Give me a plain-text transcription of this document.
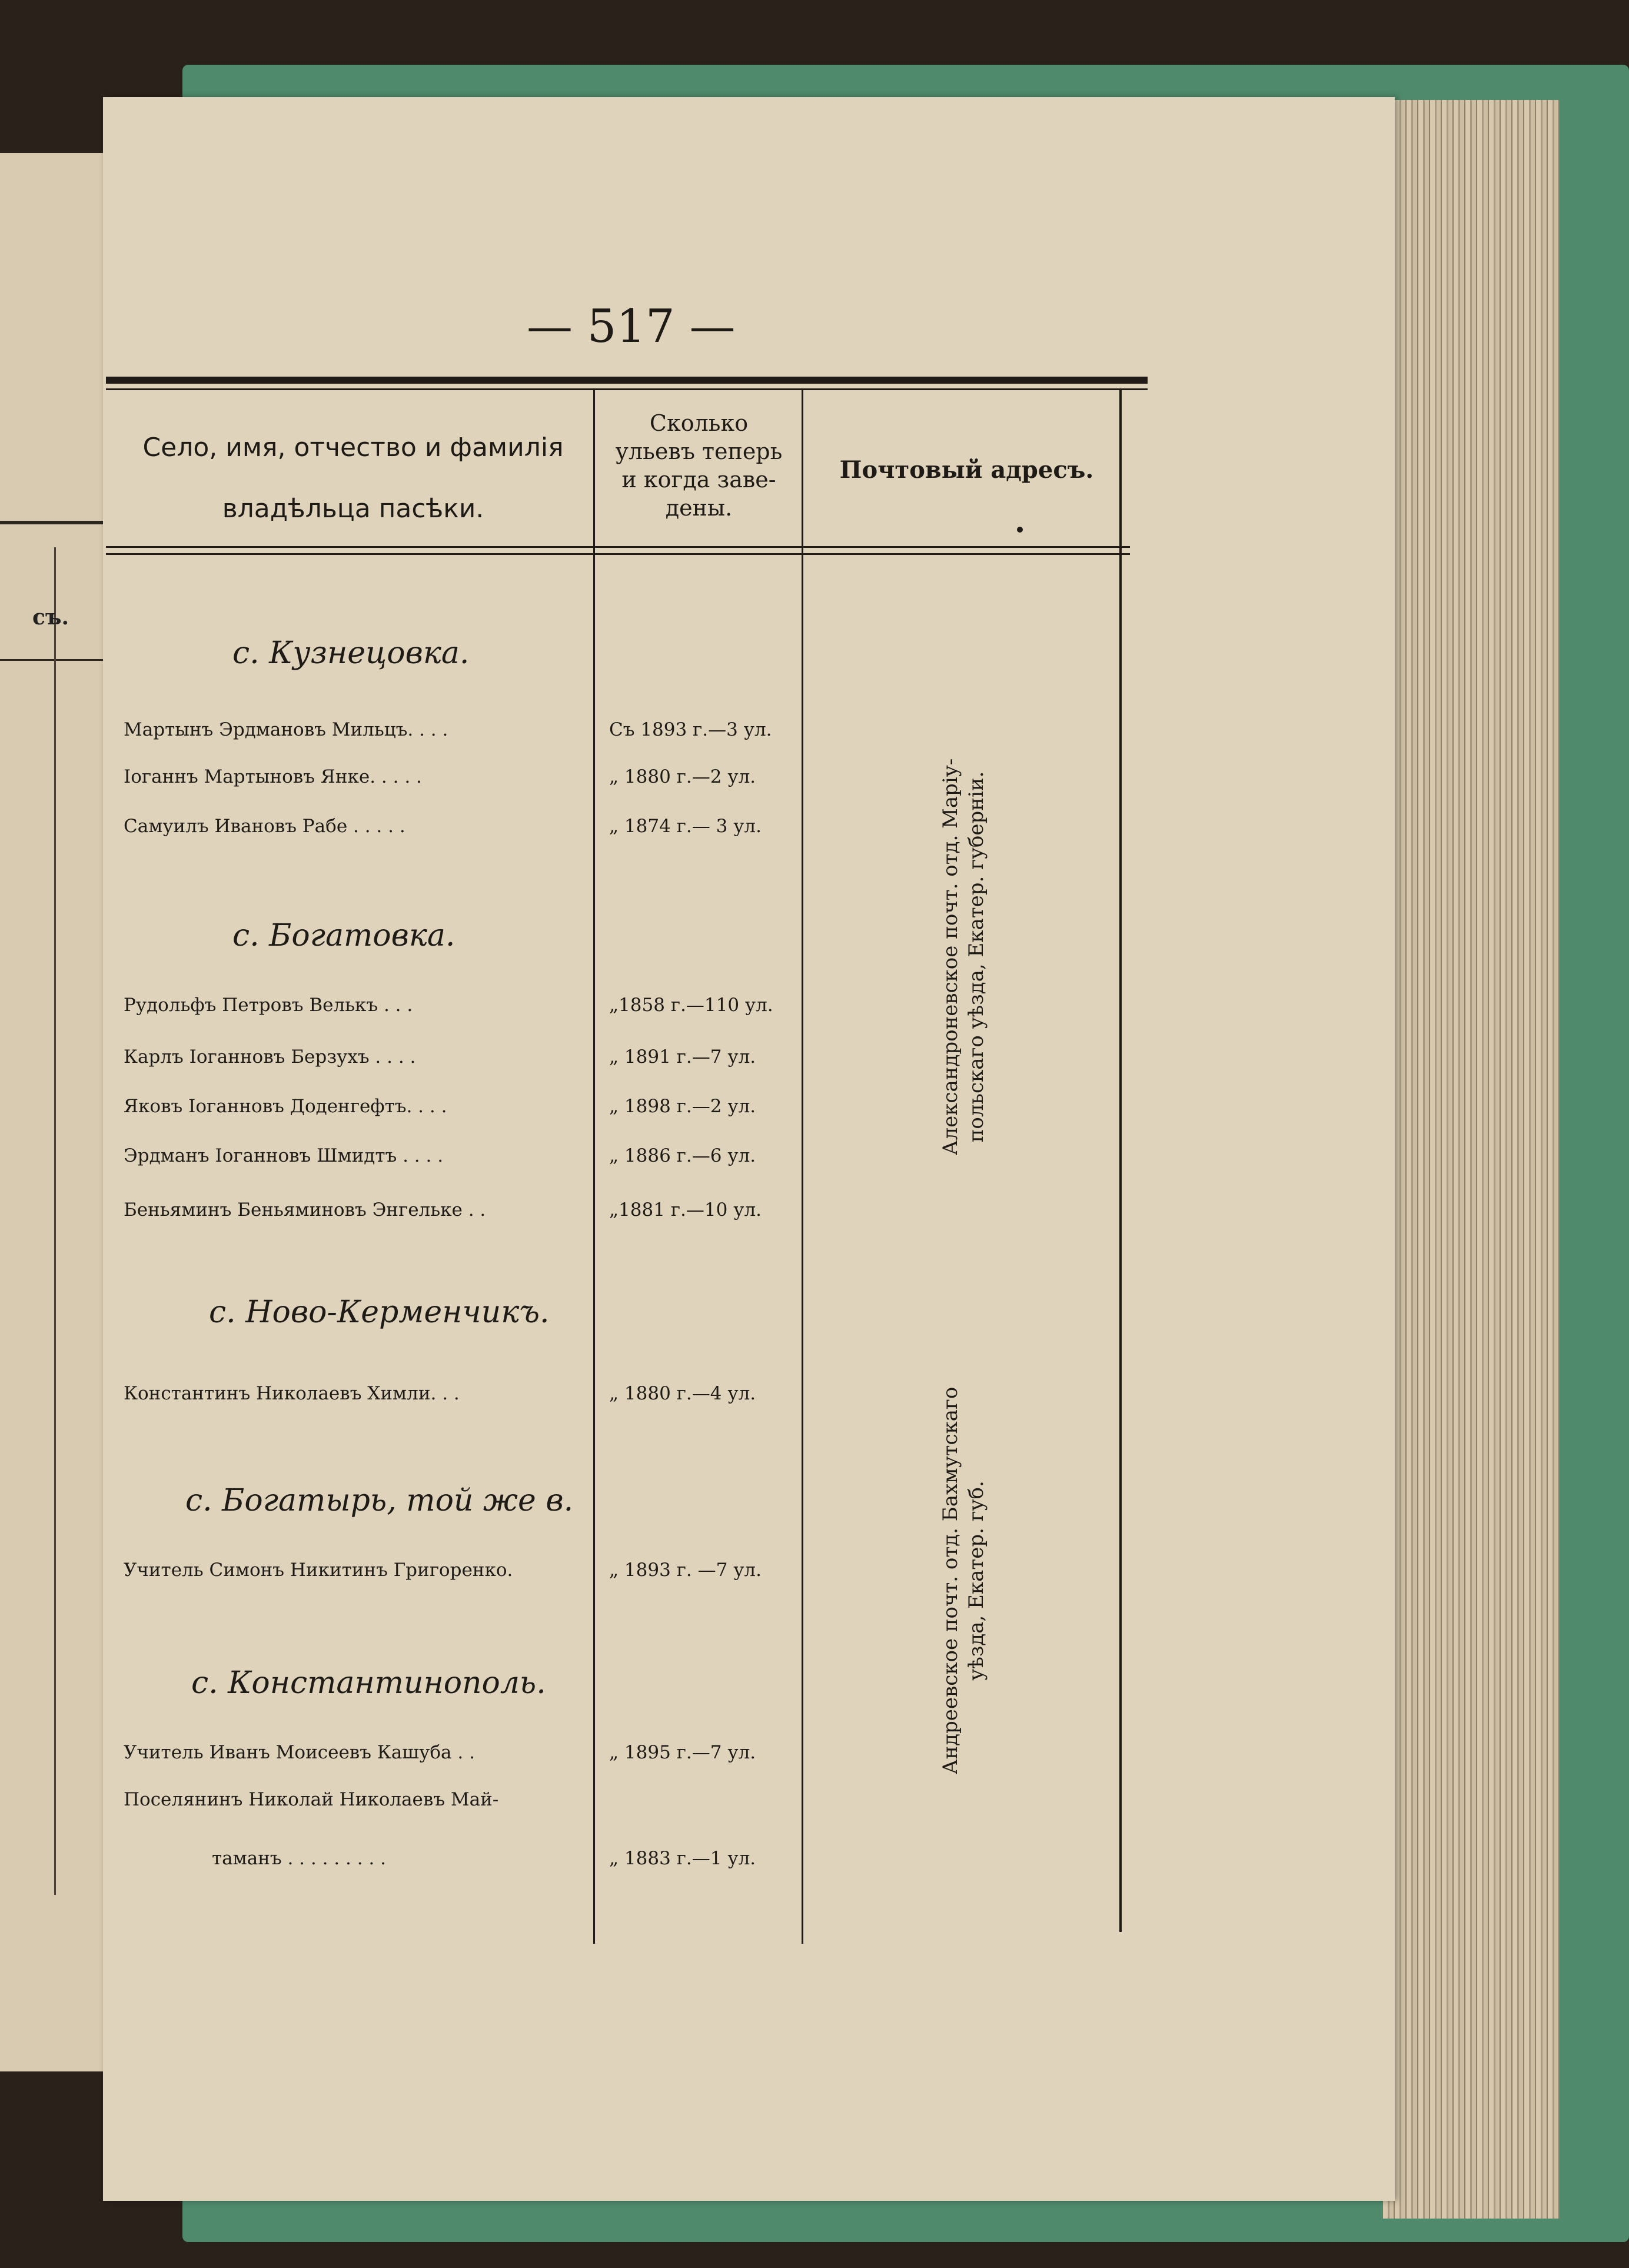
съ.
— 517 —
Село, имя, отчество и фамилія
владѣльца пасѣки.
Сколько
ульевъ теперь
и когда заве-
дены.
Почтовый адресъ.
с. Кузнецовка.
Мартынъ Эрдмановъ Мильцъ. . . .	Съ 1893 г.—3 ул.
Іоганнъ Мартыновъ Янке. . . . .	„ 1880 г.—2 ул.
Самуилъ Ивановъ Рабе . . . . .	„ 1874 г.— 3 ул.
с. Богатовка.
Рудольфъ Петровъ Велькъ . . .	„1858 г.—110 ул.
Карлъ Іоганновъ Берзухъ . . . .	„ 1891 г.—7 ул.
Яковъ Іоганновъ Доденгефтъ. . . .	„ 1898 г.—2 ул.
Эрдманъ Іоганновъ Шмидтъ . . . .	„ 1886 г.—6 ул.
Беньяминъ Беньяминовъ Энгельке . .	„1881 г.—10 ул.
с. Ново-Керменчикъ.
Константинъ Николаевъ Химли. . .	„ 1880 г.—4 ул.
с. Богатырь, той же в.
Учитель Симонъ Никитинъ Григоренко.	„ 1893 г. —7 ул.
с. Константинополь.
Учитель Иванъ Моисеевъ Кашуба . .	„ 1895 г.—7 ул.
Поселянинъ Николай Николаевъ Май-
таманъ . . . . . . . . .	„ 1883 г.—1 ул.
Александроневское почт. отд. Маріу- польскаго уѣзда, Екатер. губерніи.
Андреевское почт. отд. Бахмутскаго уѣзда, Екатер. губ.
